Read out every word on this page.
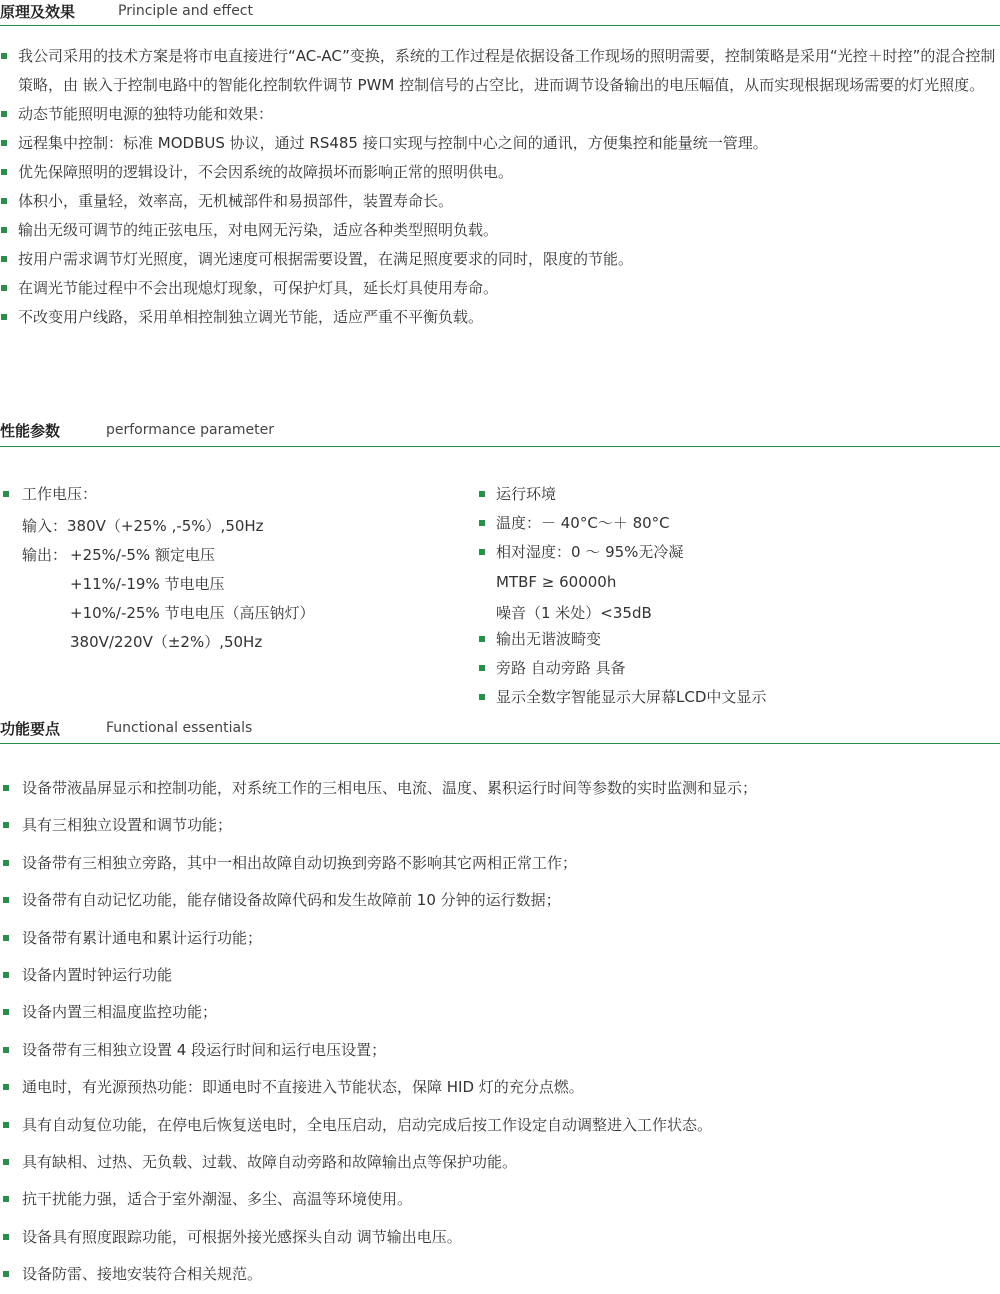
原理及效果	Principle and effect
我公司采用的技术方案是将市电直接进行“AC-AC”变换，系统的工作过程是依据设备工作现场的照明需要，控制策略是采用“光控＋时控”的混合控制策略，由 嵌入于控制电路中的智能化控制软件调节 PWM 控制信号的占空比，进而调节设备输出的电压幅值，从而实现根据现场需要的灯光照度。
动态节能照明电源的独特功能和效果：
远程集中控制：标准 MODBUS 协议，通过 RS485 接口实现与控制中心之间的通讯，方便集控和能量统一管理。
优先保障照明的逻辑设计，不会因系统的故障损坏而影响正常的照明供电。
体积小，重量轻，效率高，无机械部件和易损部件，装置寿命长。
输出无级可调节的纯正弦电压，对电网无污染，适应各种类型照明负载。
按用户需求调节灯光照度，调光速度可根据需要设置，在满足照度要求的同时，限度的节能。
在调光节能过程中不会出现熄灯现象，可保护灯具，延长灯具使用寿命。
不改变用户线路，采用单相控制独立调光节能，适应严重不平衡负载。
性能参数	performance parameter
工作电压：
输入：380V（+25% ,-5%）,50Hz
输出： +25%/-5% 额定电压
+11%/-19% 节电电压
+10%/-25% 节电电压（高压钠灯）
380V/220V（±2%）,50Hz
运行环境
温度：－ 40°C～＋ 80°C
相对湿度：0 ～ 95%无冷凝
MTBF ≥ 60000h
噪音（1 米处）<35dB
输出无谐波畸变
旁路 自动旁路 具备
显示全数字智能显示大屏幕LCD中文显示
功能要点	Functional essentials
设备带液晶屏显示和控制功能，对系统工作的三相电压、电流、温度、累积运行时间等参数的实时监测和显示；
具有三相独立设置和调节功能；
设备带有三相独立旁路，其中一相出故障自动切换到旁路不影响其它两相正常工作；
设备带有自动记忆功能，能存储设备故障代码和发生故障前 10 分钟的运行数据；
设备带有累计通电和累计运行功能；
设备内置时钟运行功能
设备内置三相温度监控功能；
设备带有三相独立设置 4 段运行时间和运行电压设置；
通电时，有光源预热功能：即通电时不直接进入节能状态，保障 HID 灯的充分点燃。
具有自动复位功能，在停电后恢复送电时，全电压启动，启动完成后按工作设定自动调整进入工作状态。
具有缺相、过热、无负载、过载、故障自动旁路和故障输出点等保护功能。
抗干扰能力强，适合于室外潮湿、多尘、高温等环境使用。
设备具有照度跟踪功能，可根据外接光感探头自动 调节输出电压。
设备防雷、接地安装符合相关规范。
